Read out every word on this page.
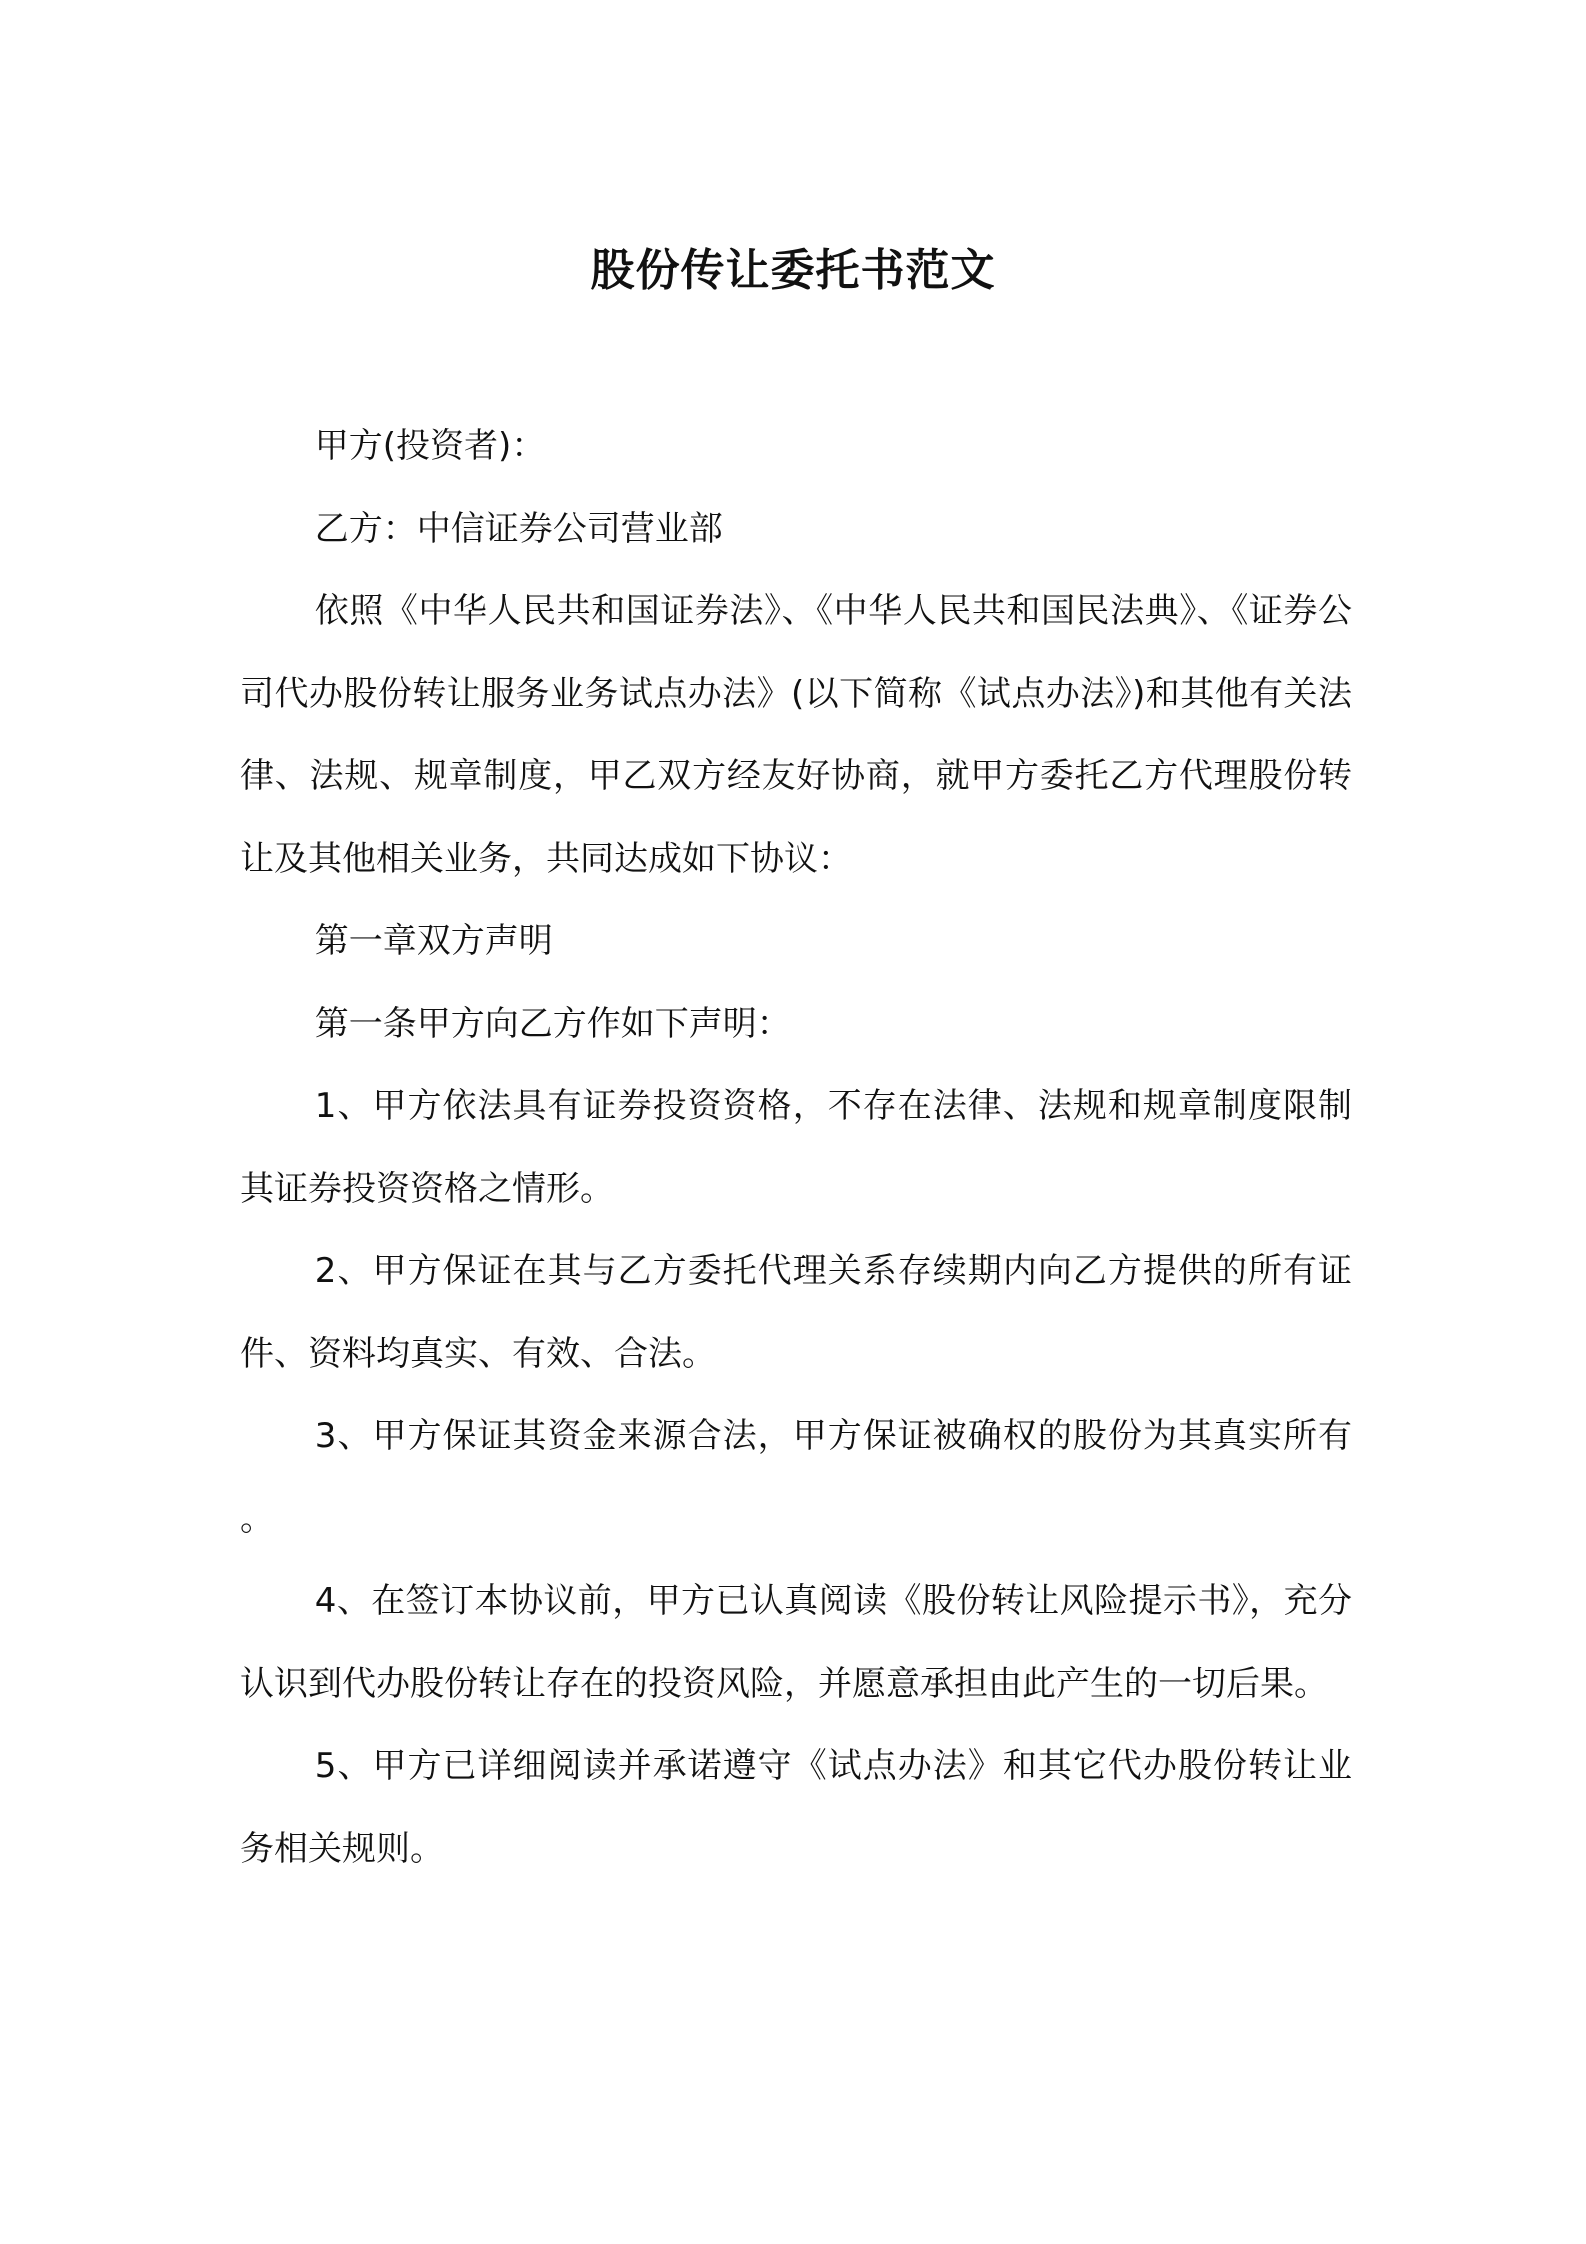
股份传让委托书范文

甲方(投资者)：

乙方：中信证券公司营业部

依照《中华人民共和国证券法》、《中华人民共和国民法典》、《证券公司代办股份转让服务业务试点办法》(以下简称《试点办法》)和其他有关法律、法规、规章制度，甲乙双方经友好协商，就甲方委托乙方代理股份转让及其他相关业务，共同达成如下协议：

第一章双方声明

第一条甲方向乙方作如下声明：

1、甲方依法具有证券投资资格，不存在法律、法规和规章制度限制其证券投资资格之情形。

2、甲方保证在其与乙方委托代理关系存续期内向乙方提供的所有证件、资料均真实、有效、合法。

3、甲方保证其资金来源合法，甲方保证被确权的股份为其真实所有。

4、在签订本协议前，甲方已认真阅读《股份转让风险提示书》，充分认识到代办股份转让存在的投资风险，并愿意承担由此产生的一切后果。

5、甲方已详细阅读并承诺遵守《试点办法》和其它代办股份转让业务相关规则。
